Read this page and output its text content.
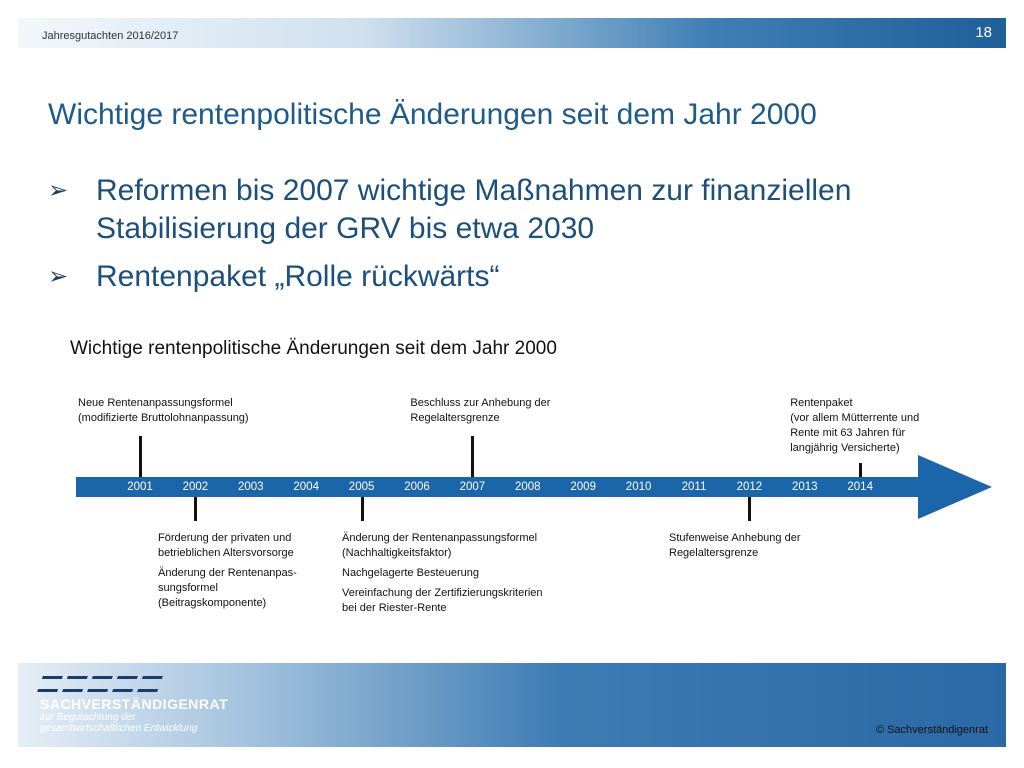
Jahresgutachten 2016/2017	18
Wichtige rentenpolitische Änderungen seit dem Jahr 2000
➢ Reformen bis 2007 wichtige Maßnahmen zur finanziellen Stabilisierung der GRV bis etwa 2030
➢ Rentenpaket „Rolle rückwärts“
Wichtige rentenpolitische Änderungen seit dem Jahr 2000
2001	2002	2003	2004	2005	2006	2007	2008	2009	2010	2011	2012	2013	2014
Neue Rentenanpassungsformel
(modifizierte Bruttolohnanpassung)
Beschluss zur Anhebung der
Regelaltersgrenze
Rentenpaket
(vor allem Mütterrente und
Rente mit 63 Jahren für
langjährig Versicherte)
Förderung der privaten und
betrieblichen Altersvorsorge
Änderung der Rentenanpas-
sungsformel
(Beitragskomponente)
Änderung der Rentenanpassungsformel
(Nachhaltigkeitsfaktor)
Nachgelagerte Besteuerung
Vereinfachung der Zertifizierungskriterien
bei der Riester-Rente
Stufenweise Anhebung der
Regelaltersgrenze
SACHVERSTÄNDIGENRAT
zur Begutachtung der
gesamtwirtschaftlichen Entwicklung	© Sachverständigenrat
